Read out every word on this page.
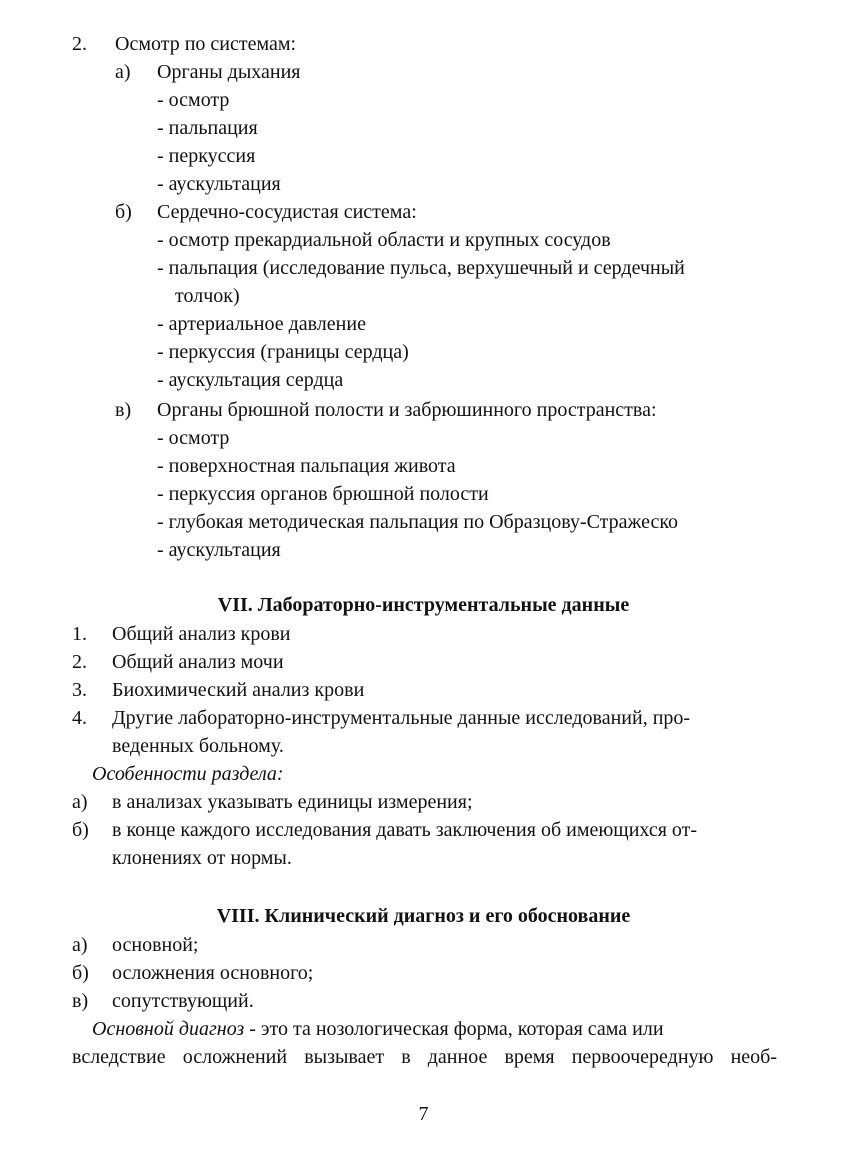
2. Осмотр по системам:
а) Органы дыхания
- осмотр
- пальпация
- перкуссия
- аускультация
б) Сердечно-сосудистая система:
- осмотр прекардиальной области и крупных сосудов
- пальпация (исследование пульса, верхушечный и сердечный
толчок)
- артериальное давление
- перкуссия (границы сердца)
- аускультация сердца
в) Органы брюшной полости и забрюшинного пространства:
- осмотр
- поверхностная пальпация живота
- перкуссия органов брюшной полости
- глубокая методическая пальпация по Образцову-Стражеско
- аускультация
VII. Лабораторно-инструментальные данные
1. Общий анализ крови
2. Общий анализ мочи
3. Биохимический анализ крови
4. Другие лабораторно-инструментальные данные исследований, про-
веденных больному.
Особенности раздела:
а) в анализах указывать единицы измерения;
б) в конце каждого исследования давать заключения об имеющихся от-
клонениях от нормы.
VIII. Клинический диагноз и его обоснование
а) основной;
б) осложнения основного;
в) сопутствующий.
Основной диагноз - это та нозологическая форма, которая сама или
вследствие осложнений вызывает в данное время первоочередную необ-
7
